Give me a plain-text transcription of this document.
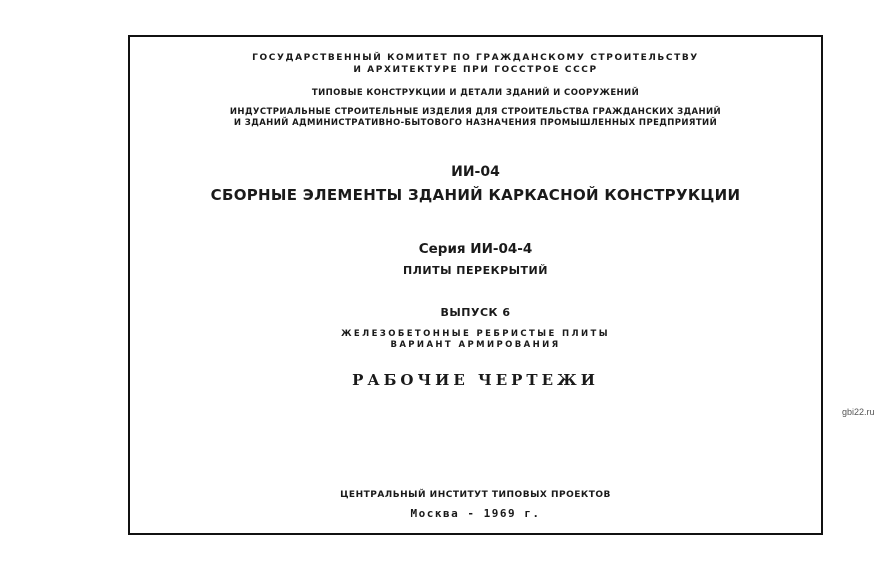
ГОСУДАРСТВЕННЫЙ КОМИТЕТ ПО ГРАЖДАНСКОМУ СТРОИТЕЛЬСТВУ
И АРХИТЕКТУРЕ ПРИ ГОССТРОЕ СССР
ТИПОВЫЕ КОНСТРУКЦИИ И ДЕТАЛИ ЗДАНИЙ И СООРУЖЕНИЙ
ИНДУСТРИАЛЬНЫЕ СТРОИТЕЛЬНЫЕ ИЗДЕЛИЯ ДЛЯ СТРОИТЕЛЬСТВА ГРАЖДАНСКИХ ЗДАНИЙ
И ЗДАНИЙ АДМИНИСТРАТИВНО-БЫТОВОГО НАЗНАЧЕНИЯ ПРОМЫШЛЕННЫХ ПРЕДПРИЯТИЙ
ИИ-04
СБОРНЫЕ ЭЛЕМЕНТЫ ЗДАНИЙ КАРКАСНОЙ КОНСТРУКЦИИ
Серия ИИ-04-4
ПЛИТЫ ПЕРЕКРЫТИЙ
ВЫПУСК 6
ЖЕЛЕЗОБЕТОННЫЕ РЕБРИСТЫЕ ПЛИТЫ
ВАРИАНТ АРМИРОВАНИЯ
РАБОЧИЕ ЧЕРТЕЖИ
ЦЕНТРАЛЬНЫЙ ИНСТИТУТ ТИПОВЫХ ПРОЕКТОВ
Москва - 1969 г.
gbi22.ru
